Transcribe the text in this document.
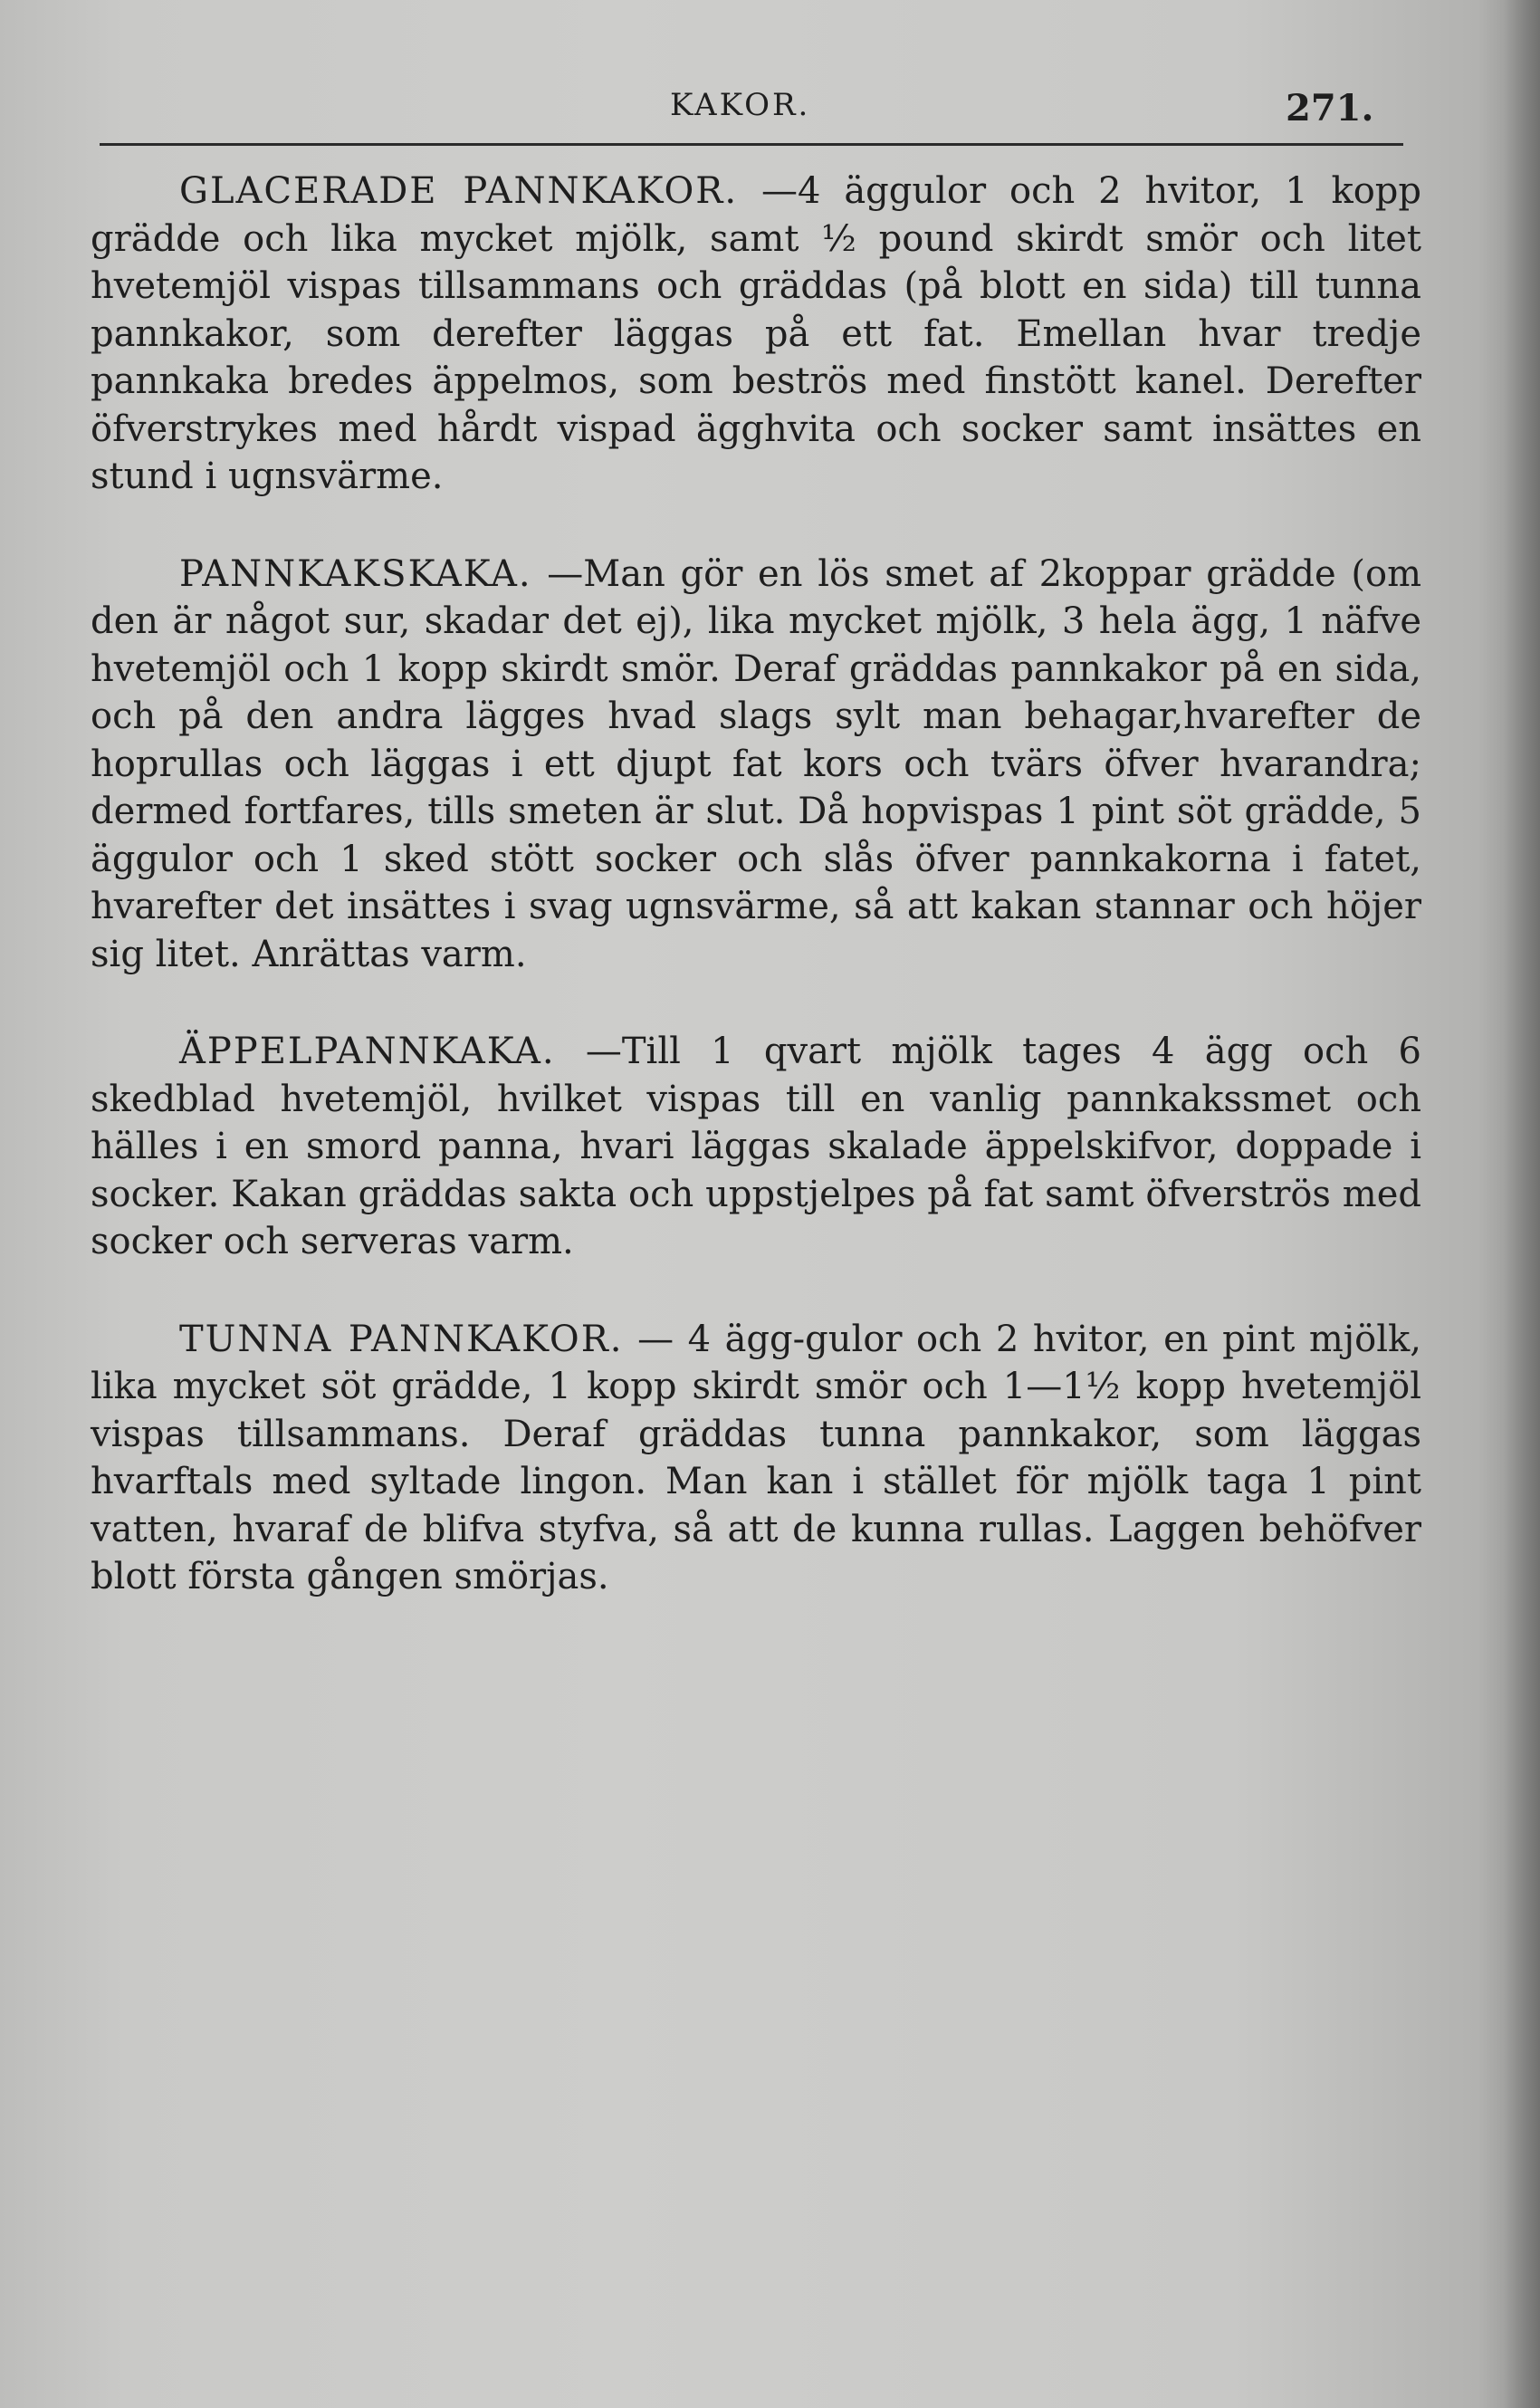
KAKOR.	271.

GLACERADE PANNKAKOR. —4 äggulor och 2 hvitor, 1 kopp grädde och lika mycket mjölk, samt ½ pound skirdt smör och litet hvetemjöl vispas tillsammans och gräddas (på blott en sida) till tunna pannkakor, som derefter läggas på ett fat. Emellan hvar tredje pannkaka bredes äppelmos, som beströs med finstött kanel. Derefter öfverstrykes med hårdt vispad ägghvita och socker samt insättes en stund i ugnsvärme.

PANNKAKSKAKA. —Man gör en lös smet af 2koppar grädde (om den är något sur, skadar det ej), lika mycket mjölk, 3 hela ägg, 1 näfve hvetemjöl och 1 kopp skirdt smör. Deraf gräddas pannkakor på en sida, och på den andra lägges hvad slags sylt man behagar,hvarefter de hoprullas och läggas i ett djupt fat kors och tvärs öfver hvarandra; dermed fortfares, tills smeten är slut. Då hopvispas 1 pint söt grädde, 5 äggulor och 1 sked stött socker och slås öfver pannkakorna i fatet, hvarefter det insättes i svag ugnsvärme, så att kakan stannar och höjer sig litet. Anrättas varm.

ÄPPELPANNKAKA. —Till 1 qvart mjölk tages 4 ägg och 6 skedblad hvetemjöl, hvilket vispas till en vanlig pannkakssmet och hälles i en smord panna, hvari läggas skalade äppelskifvor, doppade i socker. Kakan gräddas sakta och uppstjelpes på fat samt öfverströs med socker och serveras varm.

TUNNA PANNKAKOR. — 4 ägg-gulor och 2 hvitor, en pint mjölk, lika mycket söt grädde, 1 kopp skirdt smör och 1—1½ kopp hvetemjöl vispas tillsammans. Deraf gräddas tunna pannkakor, som läggas hvarftals med syltade lingon. Man kan i stället för mjölk taga 1 pint vatten, hvaraf de blifva styfva, så att de kunna rullas. Laggen behöfver blott första gången smörjas.
